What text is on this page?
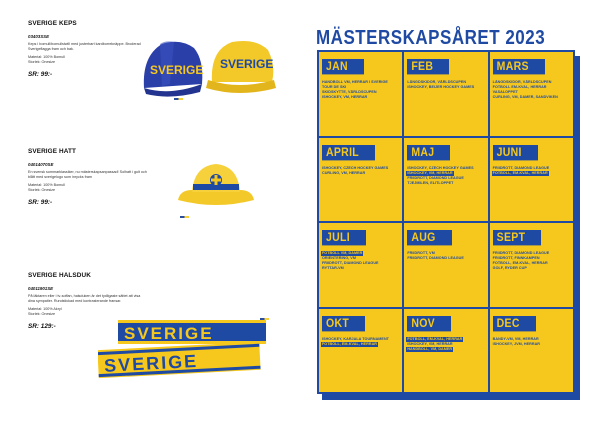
SVERIGE KEPS
03403SSE
Keps i bomull/bomullstwill med justerbart kardborreknäppe. Broderad Sverigeflagga fram och bak.
Material: 100% Bomull
Storlek: Onesize
SR: 99:-	SVERIGE SVERIGE
SVERIGE HATT
04014070SE
En svensk sommarklassiker, nu mästerskapsanpassad! Solhatt i gult och blått med sverigelogo som inrycks fram
Material: 100% Bomull
Storlek: Onesize
SR: 99:-
SVERIGE HALSDUK
04011901SE
På läktaren eller i tv-soffan, halsduken är det tydligaste sättet att visa dina sympatier. Rundstickad med kontrasterande fransar.
Material: 100% Akryl
Storlek: Onesize
SR: 129:-	SVERIGE
SVERIGE
MÄSTERSKAPSÅRET 2023
JAN
HANDBOLL VM, HERRAR I SVERIGE
TOUR DE SKI
SKIDSKYTTE, VÄRLDSCUPEN
ISHOCKEY, VM, HERRAR
FEB
LÄNGDSKIDOR, VÄRLDSCUPEN
ISHOCKEY, BEIJER HOCKEY GAMES
MARS
LÄNGDSKIDOR, VÄRLDSCUPEN
FOTBOLL EM-KVAL, HERRAR
VASALOPPET
CURLING, VM, DAMER, SANDVIKEN
APRIL
ISHOCKEY, CZECH HOCKEY GAMES
CURLING, VM, HERRAR
MAJ
ISHOCKEY, CZECH HOCKEY GAMES
ISHOCKEY, VM, HERRAR
FRIIDROTT, DIAMOND LEAGUE
TJEJMILEN, ELITLOPPET
JUNI
FRIIDROTT, DIAMOND LEAGUE
FOTBOLL, EM-KVAL, HERRAR
JULI
FOTBOLL VM, DAMER
ORIENTERING, VM
FRIIDROTT, DIAMOND LEAGUE
RYTTAR-VM
AUG
FRIIDROTT, VM
FRIIDROTT, DIAMOND LEAGUE
SEPT
FRIIDROTT, DIAMOND LEAGUE
FRIIDROTT, FINNKAMPEN
FOTBOLL, EM-KVAL, HERRAR
GOLF, RYDER CUP
OKT
ISHOCKEY, KARJALA TOURNAMENT
FOTBOLL, EM-KVAL, HERRAR
NOV
FOTBOLL, EM-KVAL, HERRAR
ISHOCKEY, VM, HERRAR
HANDBOLL, VM, DAMER
DEC
BANDY-VM, VM, HERRAR
ISHOCKEY, JVM, HERRAR
